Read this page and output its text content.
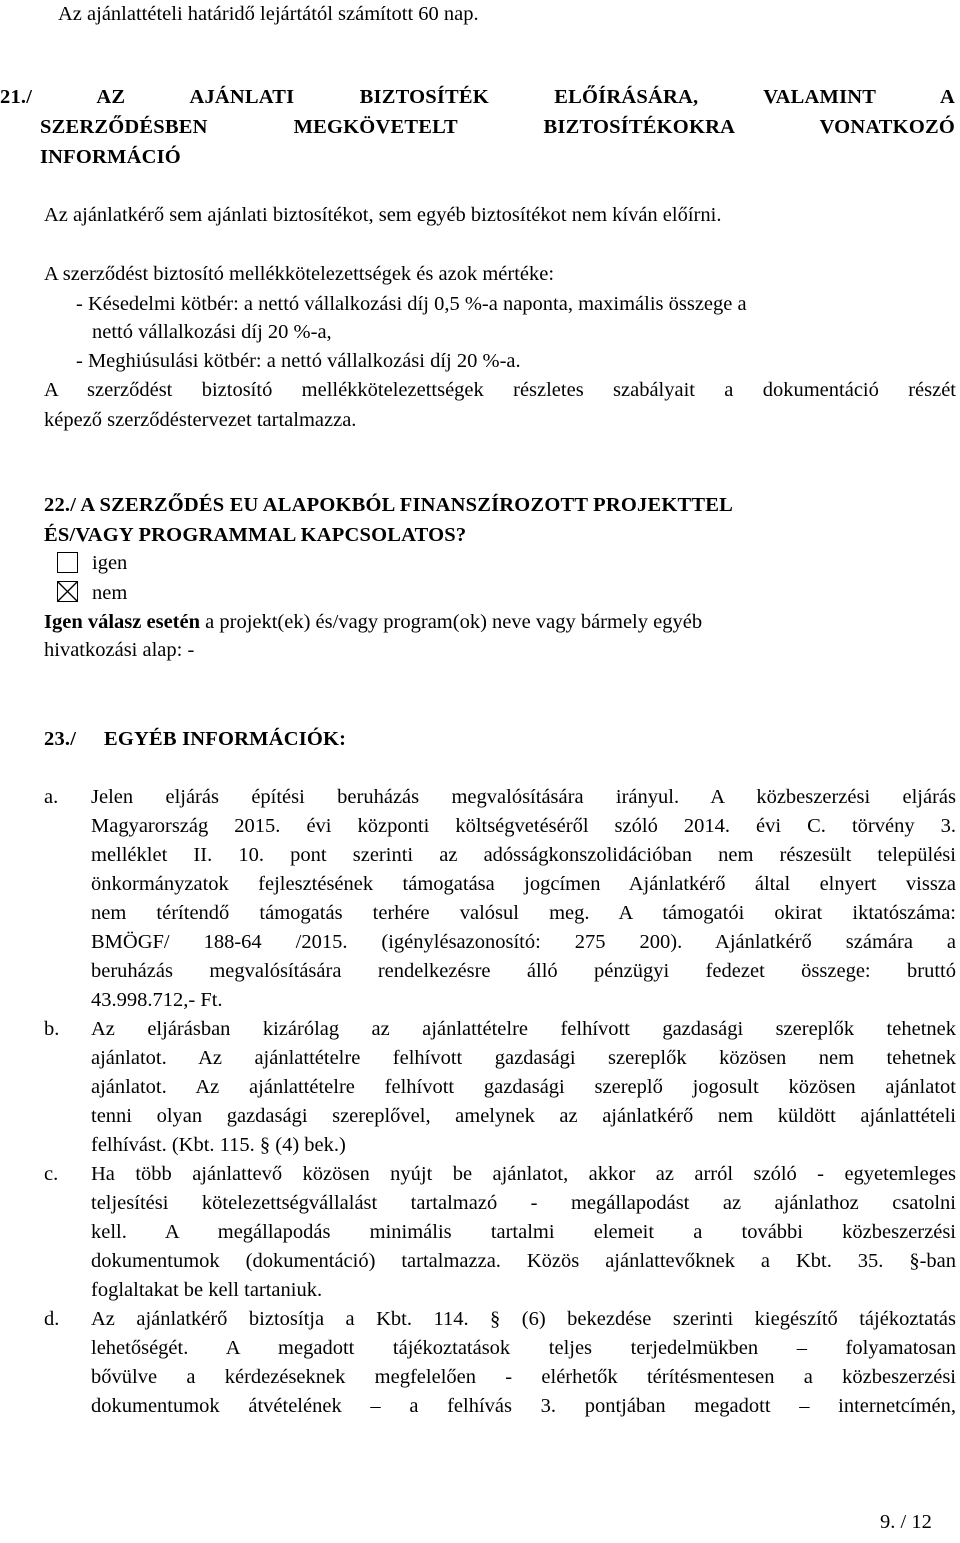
Az ajánlattételi határidő lejártától számított 60 nap.
21./ AZ AJÁNLATI BIZTOSÍTÉK ELŐÍRÁSÁRA, VALAMINT A
SZERZŐDÉSBEN MEGKÖVETELT BIZTOSÍTÉKOKRA VONATKOZÓ
INFORMÁCIÓ
Az ajánlatkérő sem ajánlati biztosítékot, sem egyéb biztosítékot nem kíván előírni.
A szerződést biztosító mellékkötelezettségek és azok mértéke:
- Késedelmi kötbér: a nettó vállalkozási díj 0,5 %-a naponta, maximális összege a
nettó vállalkozási díj 20 %-a,
- Meghiúsulási kötbér: a nettó vállalkozási díj 20 %-a.
A szerződést biztosító mellékkötelezettségek részletes szabályait a dokumentáció részét
képező szerződéstervezet tartalmazza.
22./ A SZERZŐDÉS EU ALAPOKBÓL FINANSZÍROZOTT PROJEKTTEL
ÉS/VAGY PROGRAMMAL KAPCSOLATOS?
igen
nem
Igen válasz esetén a projekt(ek) és/vagy program(ok) neve vagy bármely egyéb
hivatkozási alap: -
23./ EGYÉB INFORMÁCIÓK:
a. Jelen eljárás építési beruházás megvalósítására irányul. A közbeszerzési eljárás
Magyarország 2015. évi központi költségvetéséről szóló 2014. évi C. törvény 3.
melléklet II. 10. pont szerinti az adósságkonszolidációban nem részesült települési
önkormányzatok fejlesztésének támogatása jogcímen Ajánlatkérő által elnyert vissza
nem térítendő támogatás terhére valósul meg. A támogatói okirat iktatószáma:
BMÖGF/ 188-64 /2015. (igénylésazonosító: 275 200). Ajánlatkérő számára a
beruházás megvalósítására rendelkezésre álló pénzügyi fedezet összege: bruttó
43.998.712,- Ft.
b. Az eljárásban kizárólag az ajánlattételre felhívott gazdasági szereplők tehetnek
ajánlatot. Az ajánlattételre felhívott gazdasági szereplők közösen nem tehetnek
ajánlatot. Az ajánlattételre felhívott gazdasági szereplő jogosult közösen ajánlatot
tenni olyan gazdasági szereplővel, amelynek az ajánlatkérő nem küldött ajánlattételi
felhívást. (Kbt. 115. § (4) bek.)
c. Ha több ajánlattevő közösen nyújt be ajánlatot, akkor az arról szóló - egyetemleges
teljesítési kötelezettségvállalást tartalmazó - megállapodást az ajánlathoz csatolni
kell. A megállapodás minimális tartalmi elemeit a további közbeszerzési
dokumentumok (dokumentáció) tartalmazza. Közös ajánlattevőknek a Kbt. 35. §-ban
foglaltakat be kell tartaniuk.
d. Az ajánlatkérő biztosítja a Kbt. 114. § (6) bekezdése szerinti kiegészítő tájékoztatás
lehetőségét. A megadott tájékoztatások teljes terjedelmükben – folyamatosan
bővülve a kérdezéseknek megfelelően - elérhetők térítésmentesen a közbeszerzési
dokumentumok átvételének – a felhívás 3. pontjában megadott – internetcímén,
9. / 12
